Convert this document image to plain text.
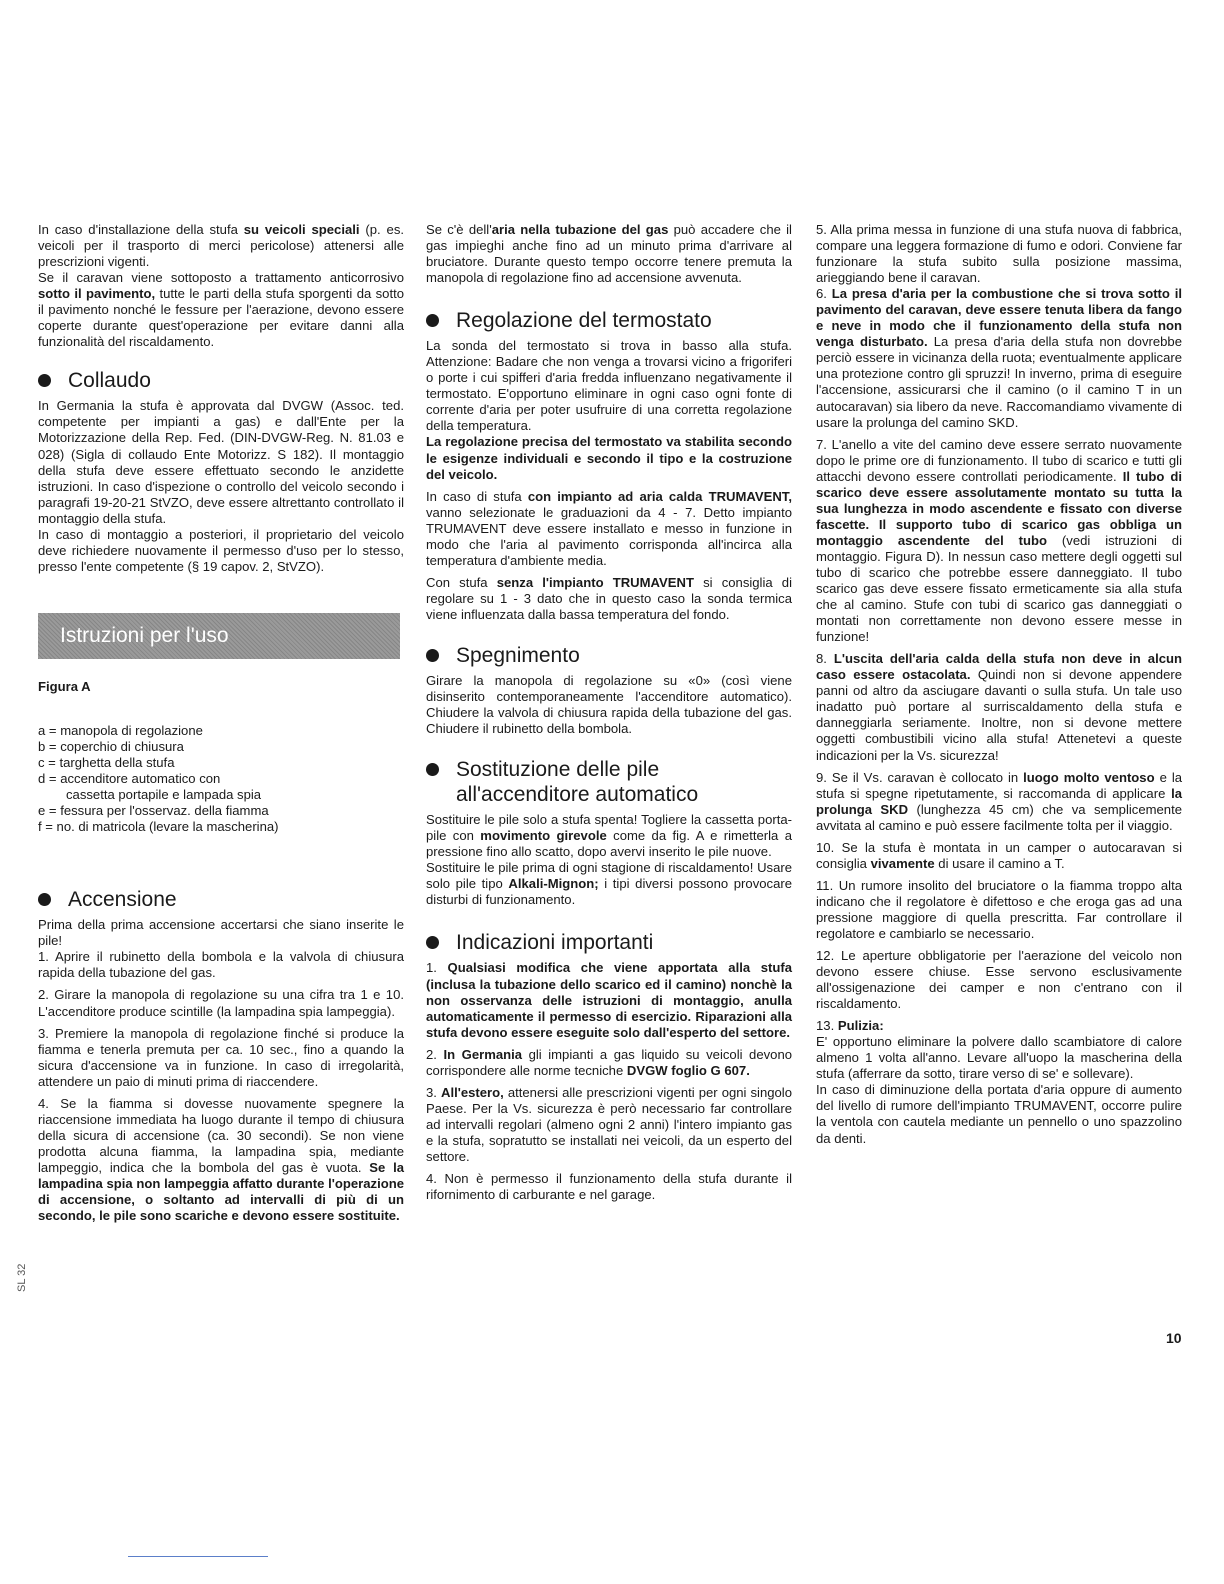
In caso d'installazione della stufa su veicoli speciali (p. es. veicoli per il trasporto di merci pericolose) attenersi alle prescrizioni vigenti.

Se il caravan viene sottoposto a trattamento anticorrosivo sotto il pavimento, tutte le parti della stufa sporgenti da sotto il pavimento nonché le fessure per l'aerazione, devono essere coperte durante quest'operazione per evitare danni alla funzionalità del riscaldamento.

Collaudo

In Germania la stufa è approvata dal DVGW (Assoc. ted. competente per impianti a gas) e dall'Ente per la Motorizzazione della Rep. Fed. (DIN-DVGW-Reg. N. 81.03 e 028) (Sigla di collaudo Ente Motorizz. S 182). Il montaggio della stufa deve essere effettuato secondo le anzidette istruzioni. In caso d'ispezione o controllo del veicolo secondo i paragrafi 19-20-21 StVZO, deve essere altrettanto controllato il montaggio della stufa.

In caso di montaggio a posteriori, il proprietario del veicolo deve richiedere nuovamente il permesso d'uso per lo stesso, presso l'ente competente (§ 19 capov. 2, StVZO).

Istruzioni per l'uso

Figura A

a = manopola di regolazione

b = coperchio di chiusura

c = targhetta della stufa

d = accenditore automatico con

cassetta portapile e lampada spia

e = fessura per l'osservaz. della fiamma

f = no. di matricola (levare la mascherina)

Accensione

Prima della prima accensione accertarsi che siano inserite le pile!

1. Aprire il rubinetto della bombola e la valvola di chiusura rapida della tubazione del gas.

2. Girare la manopola di regolazione su una cifra tra 1 e 10. L'accenditore produce scintille (la lampadina spia lampeggia).

3. Premiere la manopola di regolazione finché si produce la fiamma e tenerla premuta per ca. 10 sec., fino a quando la sicura d'accensione va in funzione. In caso di irregolarità, attendere un paio di minuti prima di riaccendere.

4. Se la fiamma si dovesse nuovamente spegnere la riaccensione immediata ha luogo durante il tempo di chiusura della sicura di accensione (ca. 30 secondi). Se non viene prodotta alcuna fiamma, la lampadina spia, mediante lampeggio, indica che la bombola del gas è vuota. Se la lampadina spia non lampeggia affatto durante l'operazione di accensione, o soltanto ad intervalli di più di un secondo, le pile sono scariche e devono essere sostituite.

Se c'è dell'aria nella tubazione del gas può accadere che il gas impieghi anche fino ad un minuto prima d'arrivare al bruciatore. Durante questo tempo occorre tenere premuta la manopola di regolazione fino ad accensione avvenuta.

Regolazione del termostato

La sonda del termostato si trova in basso alla stufa. Attenzione: Badare che non venga a trovarsi vicino a frigoriferi o porte i cui spifferi d'aria fredda influenzano negativamente il termostato. E'opportuno eliminare in ogni caso ogni fonte di corrente d'aria per poter usufruire di una corretta regolazione della temperatura.

La regolazione precisa del termostato va stabilita secondo le esigenze individuali e secondo il tipo e la costruzione del veicolo.

In caso di stufa con impianto ad aria calda TRUMAVENT, vanno selezionate le graduazioni da 4 - 7. Detto impianto TRUMAVENT deve essere installato e messo in funzione in modo che l'aria al pavimento corrisponda all'incirca alla temperatura d'ambiente media.

Con stufa senza l'impianto TRUMAVENT si consiglia di regolare su 1 - 3 dato che in questo caso la sonda termica viene influenzata dalla bassa temperatura del fondo.

Spegnimento

Girare la manopola di regolazione su «0» (così viene disinserito contemporaneamente l'accenditore automatico). Chiudere la valvola di chiusura rapida della tubazione del gas. Chiudere il rubinetto della bombola.

Sostituzione delle pile
all'accenditore automatico

Sostituire le pile solo a stufa spenta! Togliere la cassetta porta-pile con movimento girevole come da fig. A e rimetterla a pressione fino allo scatto, dopo avervi inserito le pile nuove.

Sostituire le pile prima di ogni stagione di riscaldamento! Usare solo pile tipo Alkali-Mignon; i tipi diversi possono provocare disturbi di funzionamento.

Indicazioni importanti

1. Qualsiasi modifica che viene apportata alla stufa (inclusa la tubazione dello scarico ed il camino) nonchè la non osservanza delle istruzioni di montaggio, anulla automaticamente il permesso di esercizio. Riparazioni alla stufa devono essere eseguite solo dall'esperto del settore.

2. In Germania gli impianti a gas liquido su veicoli devono corrispondere alle norme tecniche DVGW foglio G 607.

3. All'estero, attenersi alle prescrizioni vigenti per ogni singolo Paese. Per la Vs. sicurezza è però necessario far controllare ad intervalli regolari (almeno ogni 2 anni) l'intero impianto gas e la stufa, sopratutto se installati nei veicoli, da un esperto del settore.

4. Non è permesso il funzionamento della stufa durante il rifornimento di carburante e nel garage.

5. Alla prima messa in funzione di una stufa nuova di fabbrica, compare una leggera formazione di fumo e odori. Conviene far funzionare la stufa subito sulla posizione massima, arieggiando bene il caravan.

6. La presa d'aria per la combustione che si trova sotto il pavimento del caravan, deve essere tenuta libera da fango e neve in modo che il funzionamento della stufa non venga disturbato. La presa d'aria della stufa non dovrebbe perciò essere in vicinanza della ruota; eventualmente applicare una protezione contro gli spruzzi! In inverno, prima di eseguire l'accensione, assicurarsi che il camino (o il camino T in un autocaravan) sia libero da neve. Raccomandiamo vivamente di usare la prolunga del camino SKD.

7. L'anello a vite del camino deve essere serrato nuovamente dopo le prime ore di funzionamento. Il tubo di scarico e tutti gli attacchi devono essere controllati periodicamente. Il tubo di scarico deve essere assolutamente montato su tutta la sua lunghezza in modo ascendente e fissato con diverse fascette. Il supporto tubo di scarico gas obbliga un montaggio ascendente del tubo (vedi istruzioni di montaggio. Figura D). In nessun caso mettere degli oggetti sul tubo di scarico che potrebbe essere danneggiato. Il tubo scarico gas deve essere fissato ermeticamente sia alla stufa che al camino. Stufe con tubi di scarico gas danneggiati o montati non correttamente non devono essere messe in funzione!

8. L'uscita dell'aria calda della stufa non deve in alcun caso essere ostacolata. Quindi non si devone appendere panni od altro da asciugare davanti o sulla stufa. Un tale uso inadatto può portare al surriscaldamento della stufa e danneggiarla seriamente. Inoltre, non si devone mettere oggetti combustibili vicino alla stufa! Attenetevi a queste indicazioni per la Vs. sicurezza!

9. Se il Vs. caravan è collocato in luogo molto ventoso e la stufa si spegne ripetutamente, si raccomanda di applicare la prolunga SKD (lunghezza 45 cm) che va semplicemente avvitata al camino e può essere facilmente tolta per il viaggio.

10. Se la stufa è montata in un camper o autocaravan si consiglia vivamente di usare il camino a T.

11. Un rumore insolito del bruciatore o la fiamma troppo alta indicano che il regolatore è difettoso e che eroga gas ad una pressione maggiore di quella prescritta. Far controllare il regolatore e cambiarlo se necessario.

12. Le aperture obbligatorie per l'aerazione del veicolo non devono essere chiuse. Esse servono esclusivamente all'ossigenazione dei camper e non c'entrano con il riscaldamento.

13. Pulizia:

E' opportuno eliminare la polvere dallo scambiatore di calore almeno 1 volta all'anno. Levare all'uopo la mascherina della stufa (afferrare da sotto, tirare verso di se' e sollevare).

In caso di diminuzione della portata d'aria oppure di aumento del livello di rumore dell'impianto TRUMAVENT, occorre pulire la ventola con cautela mediante un pennello o uno spazzolino da denti.

10
SL 32
